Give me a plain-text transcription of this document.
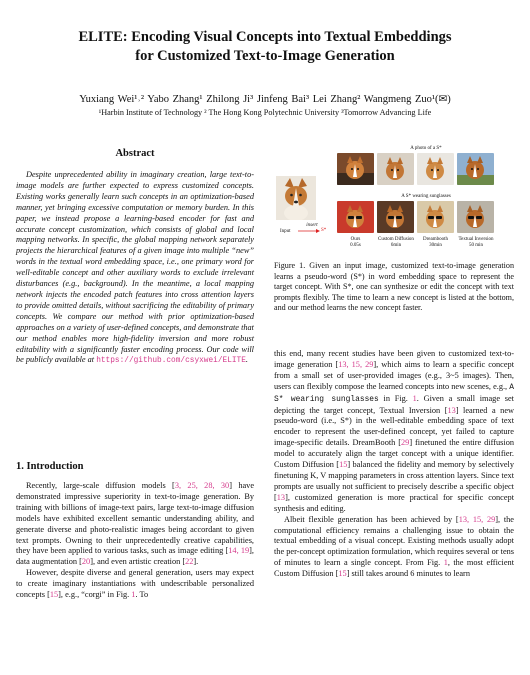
ELITE: Encoding Visual Concepts into Textual Embeddings
for Customized Text-to-Image Generation
Yuxiang Wei¹˒² Yabo Zhang¹ Zhilong Ji³ Jinfeng Bai³ Lei Zhang² Wangmeng Zuo¹(✉)
¹Harbin Institute of Technology ² The Hong Kong Polytechnic University ³Tomorrow Advancing Life
Abstract
Despite unprecedented ability in imaginary creation, large text-to-image models are further expected to express customized concepts. Existing works generally learn such concepts in an optimization-based manner, yet bringing excessive computation or memory burden. In this paper, we instead propose a learning-based encoder for fast and accurate concept customization, which consists of global and local mapping networks. In specific, the global mapping network separately projects the hierarchical features of a given image into multiple “new” words in the textual word embedding space, i.e., one primary word for well-editable concept and other auxiliary words to exclude irrelevant disturbances (e.g., background). In the meantime, a local mapping network injects the encoded patch features into cross attention layers to provide omitted details, without sacrificing the editability of primary concepts. We compare our method with prior optimization-based approaches on a variety of user-defined concepts, and demonstrate that our method enables more high-fidelity inversion and more robust editability with a significantly faster encoding process. Our code will be publicly available at https://github.com/csyxwei/ELITE.
1. Introduction

Recently, large-scale diffusion models [3, 25, 28, 30] have demonstrated impressive superiority in text-to-image generation. By training with billions of image-text pairs, large text-to-image diffusion models have exhibited excellent semantic understanding ability, and generate diverse and photo-realistic images being accordant to given text prompts. Owning to their unprecedentedly creative capabilities, they have been applied to various tasks, such as image editing [14, 19], data augmentation [20], and even artistic creation [22].

However, despite diverse and general generation, users may expect to create imaginary instantiations with undescribable personalized concepts [15], e.g., “corgi” in Fig. 1. To

A photo of a S*
A S* wearing sunglasses
Input
insert
S*
Ours
0.05s
Custom Diffusion
6min
Dreambooth
30min
Textual Inversion
50 min
Figure 1. Given an input image, customized text-to-image generation learns a pseudo-word (S*) in word embedding space to represent the target concept. With S*, one can synthesize or edit the concept with text prompts flexibly. The time to learn a new concept is listed at the bottom, and our method learns the new concept faster.

this end, many recent studies have been given to customized text-to-image generation [13, 15, 29], which aims to learn a specific concept from a small set of user-provided images (e.g., 3~5 images). Then, users can flexibly compose the learned concepts into new scenes, e.g., A S* wearing sunglasses in Fig. 1. Given a small image set depicting the target concept, Textual Inversion [13] learned a new pseudo-word (i.e., S*) in the well-editable embedding space of text encoder to represent the user-defined concept, yet failed to capture image-specific details. DreamBooth [29] finetuned the entire diffusion model to accurately align the target concept with a unique identifier. Custom Diffusion [15] balanced the fidelity and memory by selectively finetuning K, V mapping parameters in cross attention layers. Since text prompts are usually not sufficient to precisely describe a specific object [13], customized generation is more practical for specific concept synthesis and editing.

Albeit flexible generation has been achieved by [13, 15, 29], the computational efficiency remains a challenging issue to obtain the textual embedding of a visual concept. Existing methods usually adopt the per-concept optimization formulation, which requires several or tens of minutes to learn a single concept. From Fig. 1, the most efficient Custom Diffusion [15] still takes around 6 minutes to learn
